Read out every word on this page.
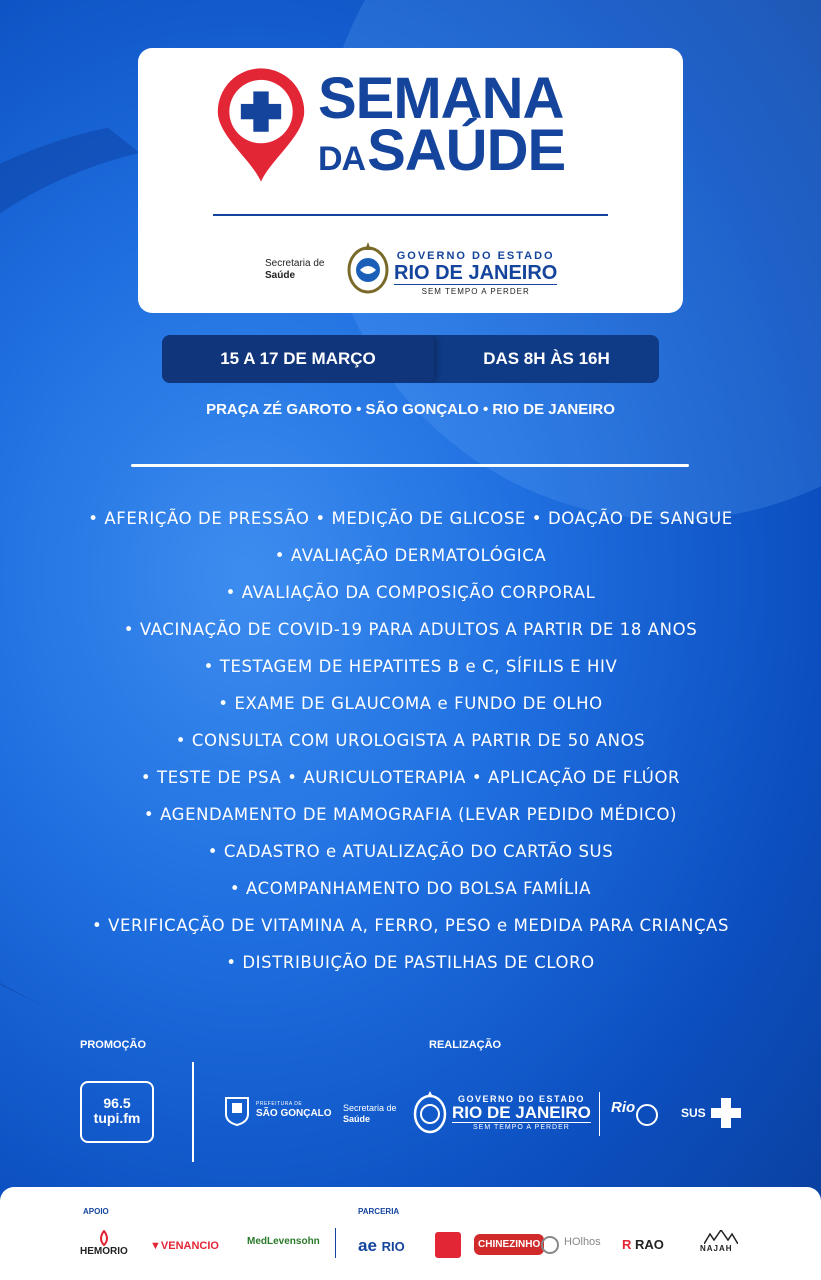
SEMANA
DASAÚDE
Secretaria de
Saúde
GOVERNO DO ESTADO
RIO DE JANEIRO
SEM TEMPO A PERDER
15 A 17 DE MARÇO	DAS 8H ÀS 16H
PRAÇA ZÉ GAROTO • SÃO GONÇALO • RIO DE JANEIRO
• AFERIÇÃO DE PRESSÃO • MEDIÇÃO DE GLICOSE • DOAÇÃO DE SANGUE
• AVALIAÇÃO DERMATOLÓGICA
• AVALIAÇÃO DA COMPOSIÇÃO CORPORAL
• VACINAÇÃO DE COVID-19 PARA ADULTOS A PARTIR DE 18 ANOS
• TESTAGEM DE HEPATITES B e C, SÍFILIS E HIV
• EXAME DE GLAUCOMA e FUNDO DE OLHO
• CONSULTA COM UROLOGISTA A PARTIR DE 50 ANOS
• TESTE DE PSA • AURICULOTERAPIA • APLICAÇÃO DE FLÚOR
• AGENDAMENTO DE MAMOGRAFIA (LEVAR PEDIDO MÉDICO)
• CADASTRO e ATUALIZAÇÃO DO CARTÃO SUS
• ACOMPANHAMENTO DO BOLSA FAMÍLIA
• VERIFICAÇÃO DE VITAMINA A, FERRO, PESO e MEDIDA PARA CRIANÇAS
• DISTRIBUIÇÃO DE PASTILHAS DE CLORO
PROMOÇÃO	REALIZAÇÃO
96.5
tupi.fm
PREFEITURA DE
SÃO GONÇALO Secretaria de
Saúde
GOVERNO DO ESTADO
RIO DE JANEIRO
SEM TEMPO A PERDER
Rio	SUS
APOIO	PARCERIA
HEMORIO ▼VENANCIO	MedLevensohn ae RIO	CHINEZINHO	HOlhos R RAO	NAJAH
